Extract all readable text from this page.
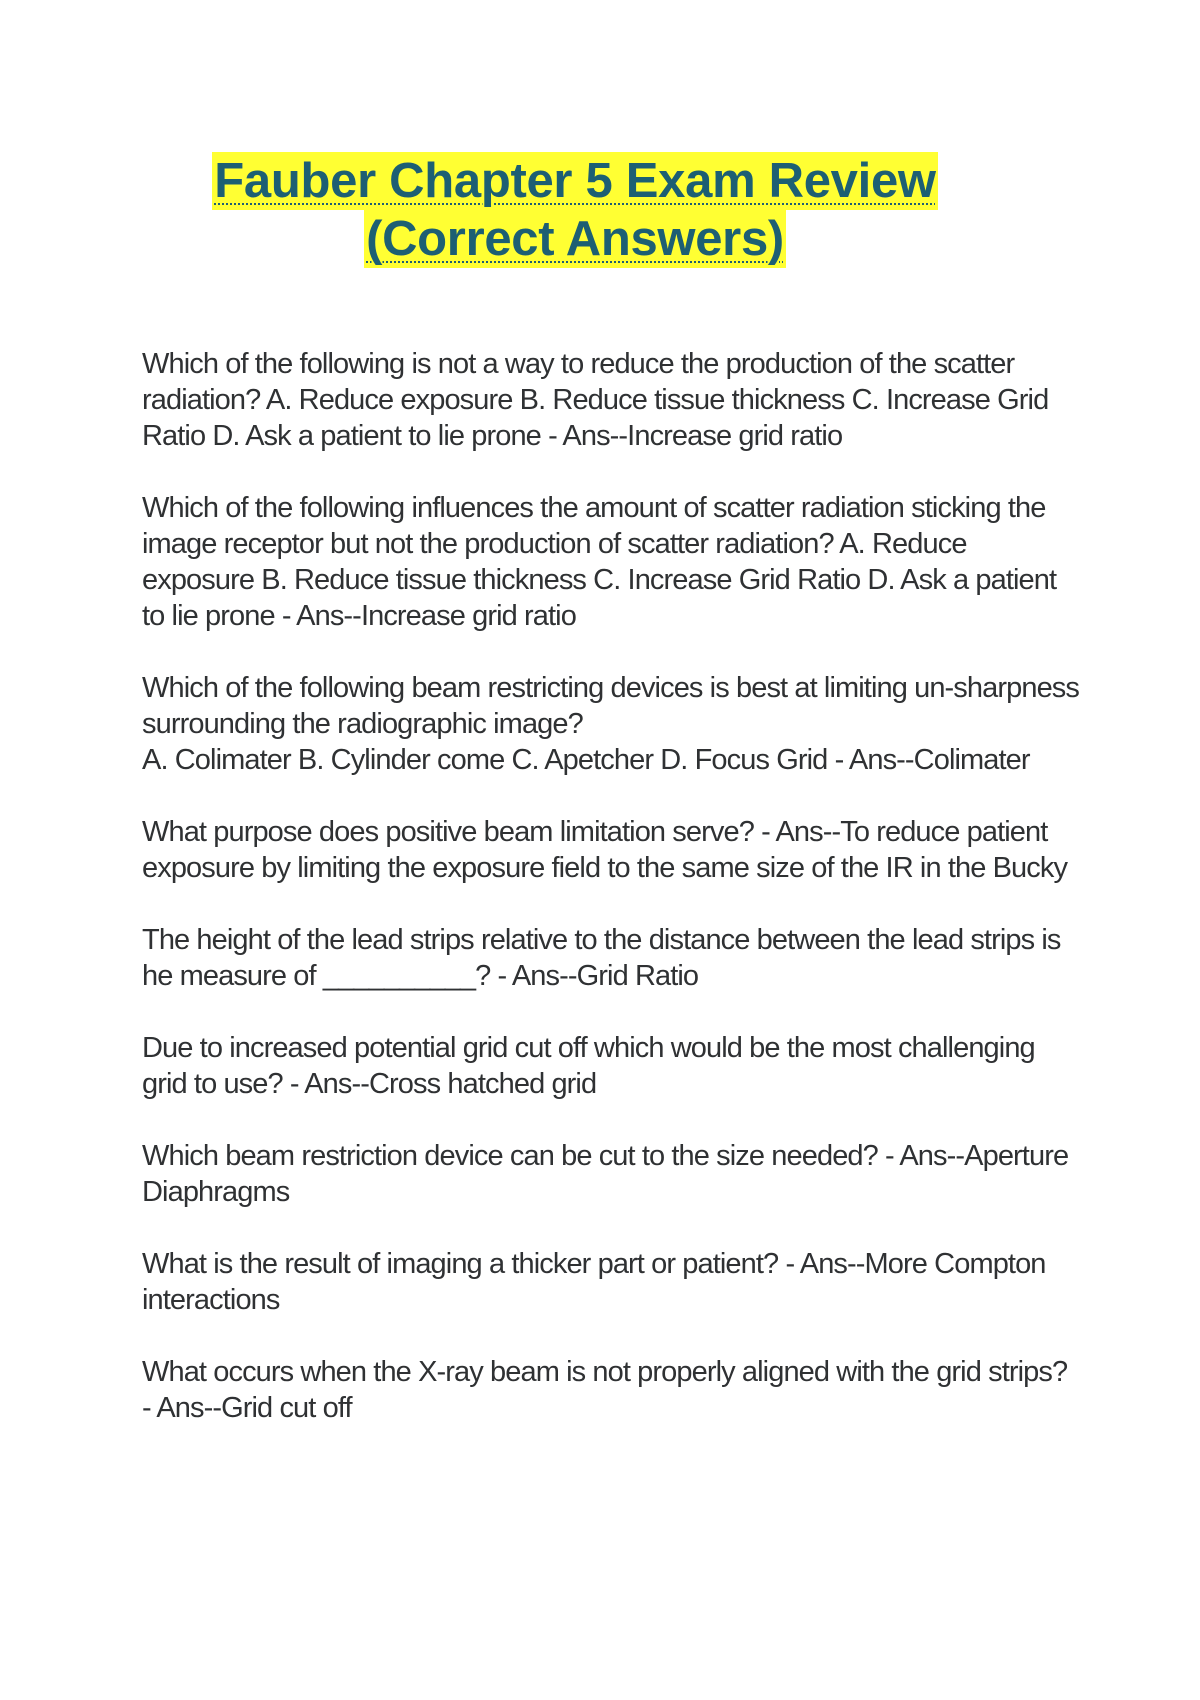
Fauber Chapter 5 Exam Review
(Correct Answers)
Which of the following is not a way to reduce the production of the scatter radiation? A. Reduce exposure B. Reduce tissue thickness C. Increase Grid Ratio D. Ask a patient to lie prone - Ans--Increase grid ratio
Which of the following influences the amount of scatter radiation sticking the image receptor but not the production of scatter radiation? A. Reduce exposure B. Reduce tissue thickness C. Increase Grid Ratio D. Ask a patient to lie prone - Ans--Increase grid ratio
Which of the following beam restricting devices is best at limiting un-sharpness surrounding the radiographic image?
A. Colimater B. Cylinder come C. Apetcher D. Focus Grid - Ans--Colimater
What purpose does positive beam limitation serve? - Ans--To reduce patient exposure by limiting the exposure field to the same size of the IR in the Bucky
The height of the lead strips relative to the distance between the lead strips is he measure of __________? - Ans--Grid Ratio
Due to increased potential grid cut off which would be the most challenging grid to use? - Ans--Cross hatched grid
Which beam restriction device can be cut to the size needed? - Ans--Aperture Diaphragms
What is the result of imaging a thicker part or patient? - Ans--More Compton interactions
What occurs when the X-ray beam is not properly aligned with the grid strips? - Ans--Grid cut off
